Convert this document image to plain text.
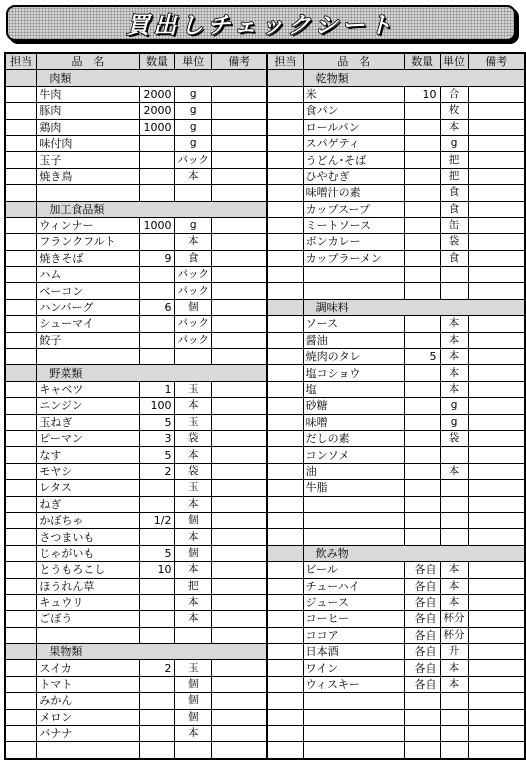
買出しチェックシート
担当	品　名	数量	単位	備考	担当	品　名	数量	単位	備考
	肉類					乾物類			
	牛肉	2000	g			米	10	合	
	豚肉	2000	g			食パン		枚	
	鶏肉	1000	g			ロールパン		本	
	味付肉		g			スパゲティ		g	
	玉子		パック			うどん･そば		把	
	焼き鳥		本			ひやむぎ		把	
						味噌汁の素		食	
	加工食品類					カップスープ		食	
	ウィンナー	1000	g			ミートソース		缶	
	フランクフルト		本			ボンカレー		袋	
	焼きそば	9	食			カップラーメン		食	
	ハム		パック						
	ベーコン		パック						
	ハンバーグ	6	個			調味料			
	シューマイ		パック			ソース		本	
	餃子		パック			醤油		本	
						焼肉のタレ	5	本	
	野菜類					塩コショウ		本	
	キャベツ	1	玉			塩		本	
	ニンジン	100	本			砂糖		g	
	玉ねぎ	5	玉			味噌		g	
	ピーマン	3	袋			だしの素		袋	
	なす	5	本			コンソメ			
	モヤシ	2	袋			油		本	
	レタス		玉			牛脂			
	ねぎ		本						
	かぼちゃ	1/2	個						
	さつまいも		本						
	じゃがいも	5	個			飲み物			
	とうもろこし	10	本			ビール	各自	本	
	ほうれん草		把			チューハイ	各自	本	
	キュウリ		本			ジュース	各自	本	
	ごぼう		本			コーヒー	各自	杯分	
						ココア	各自	杯分	
	果物類					日本酒	各自	升	
	スイカ	2	玉			ワイン	各自	本	
	トマト		個			ウィスキー	各自	本	
	みかん		個						
	メロン		個						
	バナナ		本						
